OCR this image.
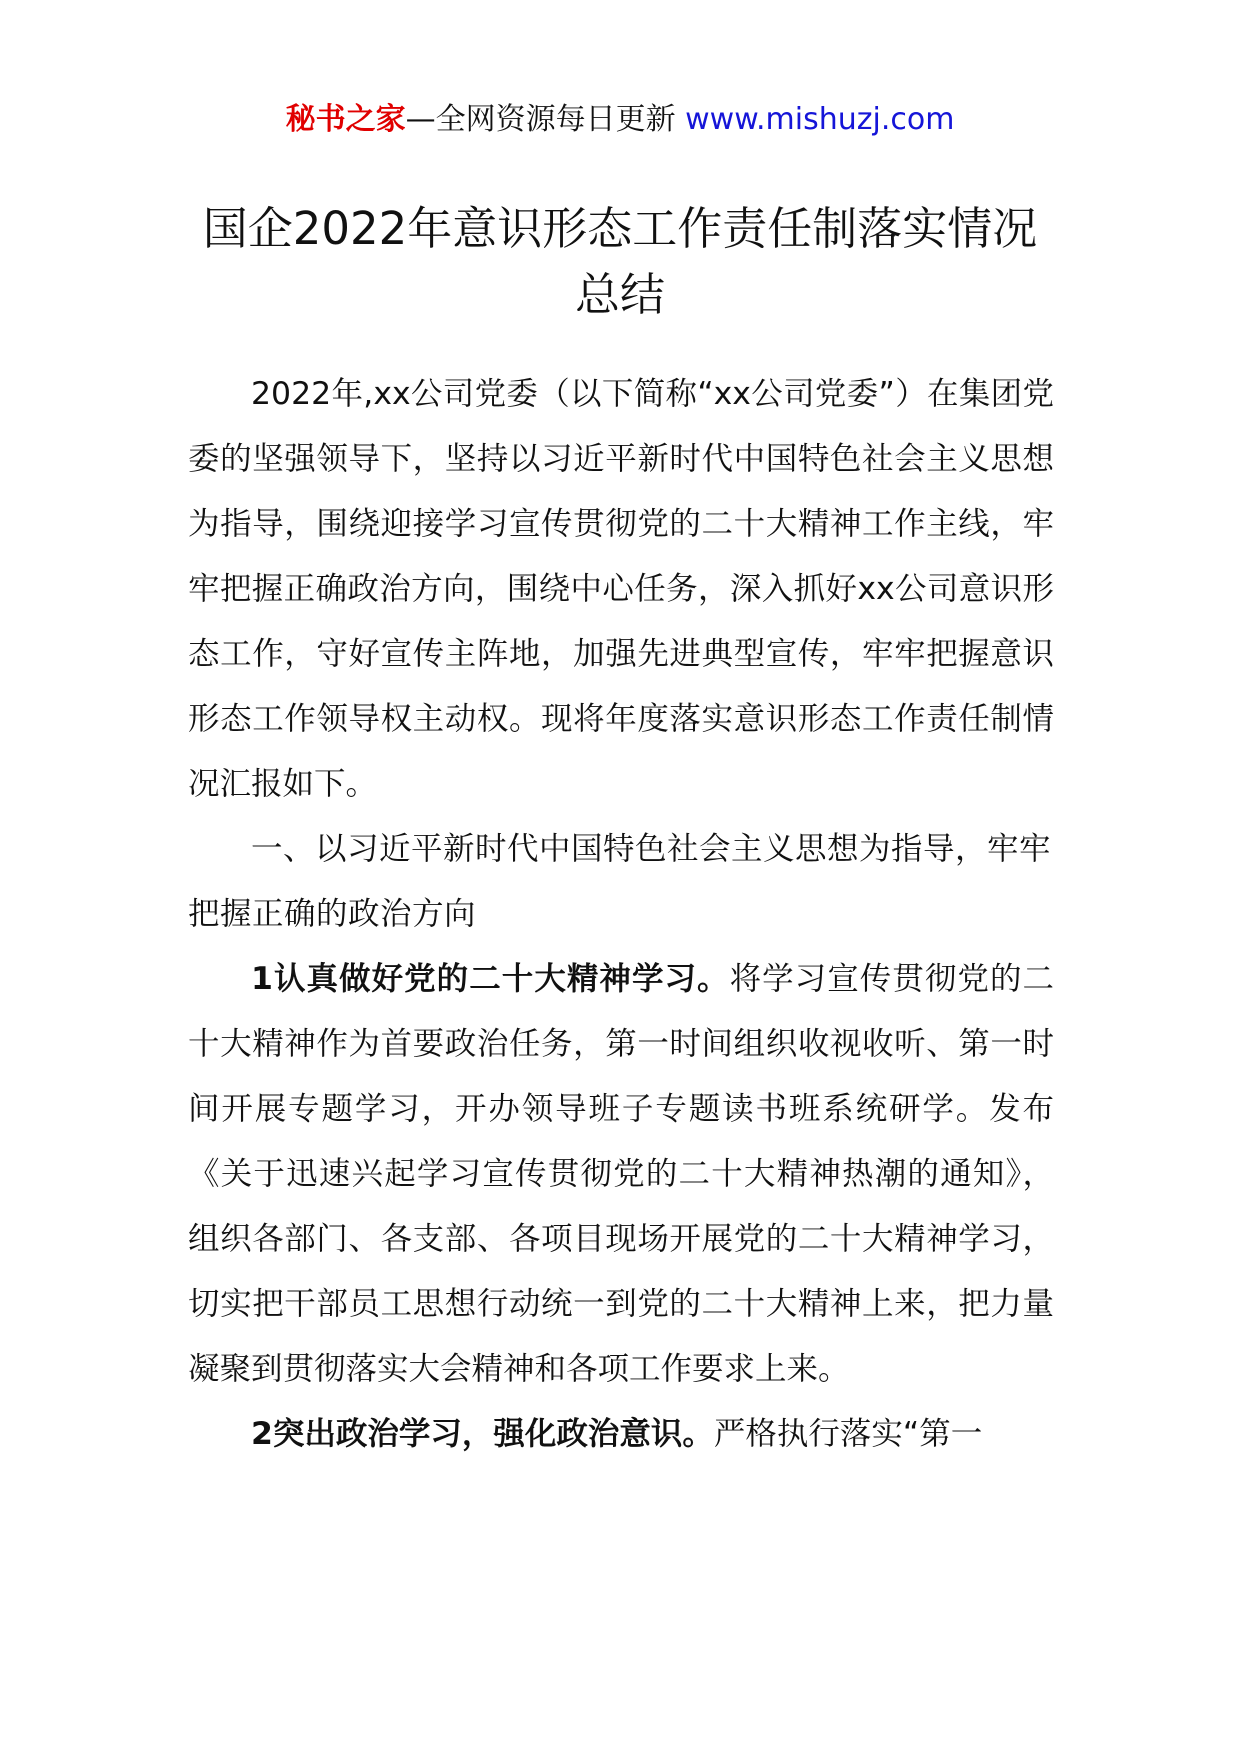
秘书之家—全网资源每日更新 www.mishuzj.com
国企2022年意识形态工作责任制落实情况总结

2022年,xx公司党委（以下简称“xx公司党委”）在集团党委的坚强领导下，坚持以习近平新时代中国特色社会主义思想为指导，围绕迎接学习宣传贯彻党的二十大精神工作主线，牢牢把握正确政治方向，围绕中心任务，深入抓好xx公司意识形态工作，守好宣传主阵地，加强先进典型宣传，牢牢把握意识形态工作领导权主动权。现将年度落实意识形态工作责任制情况汇报如下。

一、以习近平新时代中国特色社会主义思想为指导，牢牢把握正确的政治方向

1认真做好党的二十大精神学习。将学习宣传贯彻党的二十大精神作为首要政治任务，第一时间组织收视收听、第一时间开展专题学习，开办领导班子专题读书班系统研学。发布《关于迅速兴起学习宣传贯彻党的二十大精神热潮的通知》，组织各部门、各支部、各项目现场开展党的二十大精神学习，切实把干部员工思想行动统一到党的二十大精神上来，把力量凝聚到贯彻落实大会精神和各项工作要求上来。

2突出政治学习，强化政治意识。严格执行落实“第一
